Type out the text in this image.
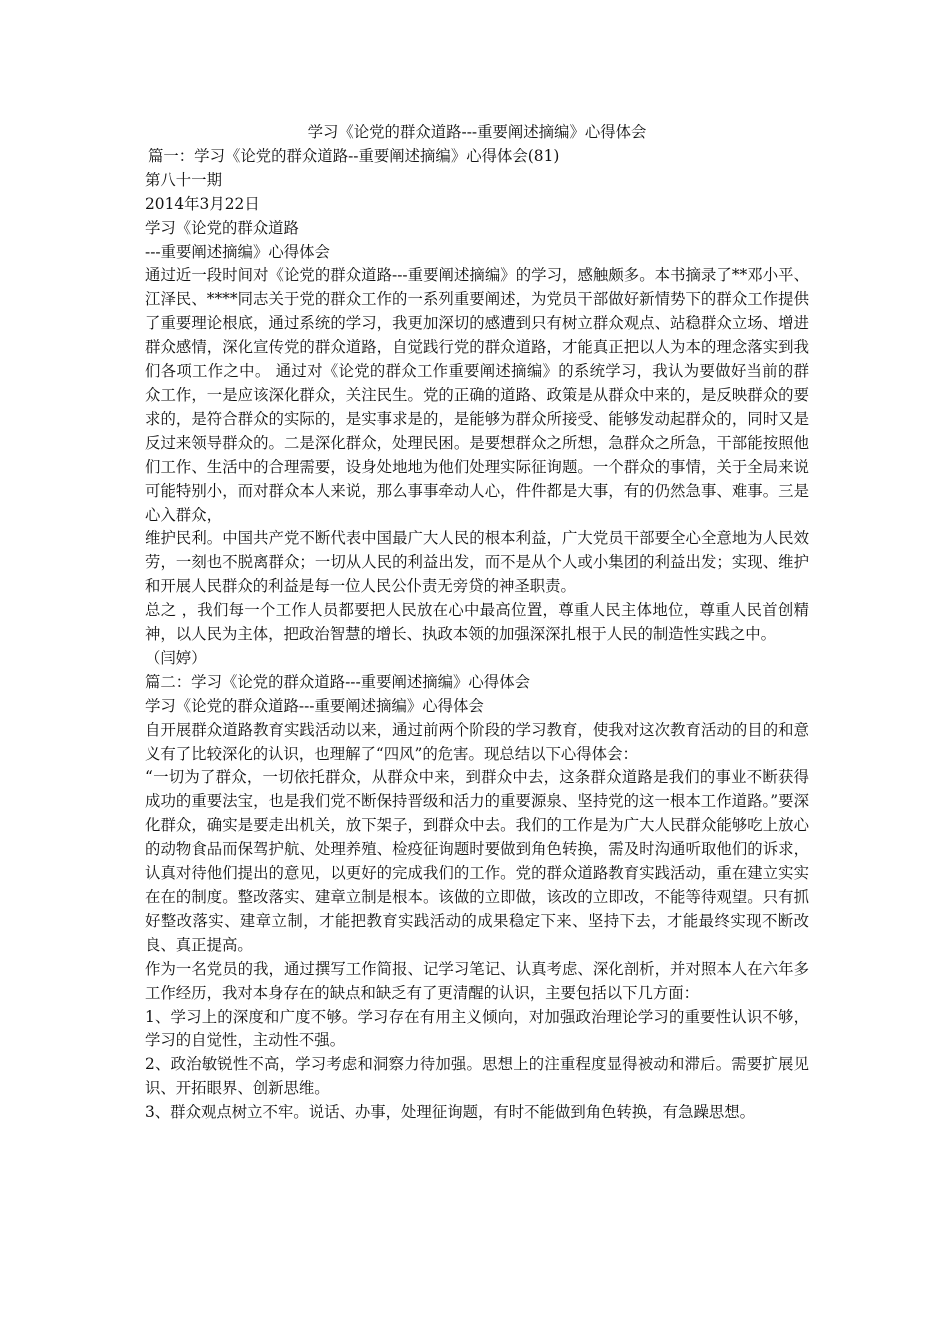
学习《论党的群众道路---重要阐述摘编》心得体会

篇一：学习《论党的群众道路--重要阐述摘编》心得体会(81)

第八十一期

2014年3月22日

学习《论党的群众道路

---重要阐述摘编》心得体会

通过近一段时间对《论党的群众道路---重要阐述摘编》的学习，感触颇多。本书摘录了**邓小平、江泽民、****同志关于党的群众工作的一系列重要阐述，为党员干部做好新情势下的群众工作提供了重要理论根底，通过系统的学习，我更加深切的感遭到只有树立群众观点、站稳群众立场、增进群众感情，深化宣传党的群众道路，自觉践行党的群众道路，才能真正把以人为本的理念落实到我们各项工作之中。 通过对《论党的群众工作重要阐述摘编》的系统学习，我认为要做好当前的群众工作，一是应该深化群众，关注民生。党的正确的道路、政策是从群众中来的，是反映群众的要求的，是符合群众的实际的，是实事求是的，是能够为群众所接受、能够发动起群众的，同时又是反过来领导群众的。二是深化群众，处理民困。是要想群众之所想，急群众之所急，干部能按照他们工作、生活中的合理需要，设身处地地为他们处理实际征询题。一个群众的事情，关于全局来说可能特别小，而对群众本人来说，那么事事牵动人心，件件都是大事，有的仍然急事、难事。三是心入群众，

维护民利。中国共产党不断代表中国最广大人民的根本利益，广大党员干部要全心全意地为人民效劳，一刻也不脱离群众；一切从人民的利益出发，而不是从个人或小集团的利益出发；实现、维护和开展人民群众的利益是每一位人民公仆责无旁贷的神圣职责。

总之 ，我们每一个工作人员都要把人民放在心中最高位置，尊重人民主体地位，尊重人民首创精神，以人民为主体，把政治智慧的增长、执政本领的加强深深扎根于人民的制造性实践之中。

（闫婷）

篇二：学习《论党的群众道路---重要阐述摘编》心得体会

学习《论党的群众道路---重要阐述摘编》心得体会

自开展群众道路教育实践活动以来，通过前两个阶段的学习教育，使我对这次教育活动的目的和意义有了比较深化的认识，也理解了“四风”的危害。现总结以下心得体会：

“一切为了群众，一切依托群众，从群众中来，到群众中去，这条群众道路是我们的事业不断获得成功的重要法宝，也是我们党不断保持晋级和活力的重要源泉、坚持党的这一根本工作道路。”要深化群众，确实是要走出机关，放下架子，到群众中去。我们的工作是为广大人民群众能够吃上放心的动物食品而保驾护航、处理养殖、检疫征询题时要做到角色转换，需及时沟通听取他们的诉求，认真对待他们提出的意见，以更好的完成我们的工作。党的群众道路教育实践活动，重在建立实实在在的制度。整改落实、建章立制是根本。该做的立即做，该改的立即改，不能等待观望。只有抓好整改落实、建章立制，才能把教育实践活动的成果稳定下来、坚持下去，才能最终实现不断改良、真正提高。

作为一名党员的我，通过撰写工作简报、记学习笔记、认真考虑、深化剖析，并对照本人在六年多工作经历，我对本身存在的缺点和缺乏有了更清醒的认识，主要包括以下几方面：

1、学习上的深度和广度不够。学习存在有用主义倾向，对加强政治理论学习的重要性认识不够，学习的自觉性，主动性不强。

2、政治敏锐性不高，学习考虑和洞察力待加强。思想上的注重程度显得被动和滞后。需要扩展见识、开拓眼界、创新思维。

3、群众观点树立不牢。说话、办事，处理征询题，有时不能做到角色转换，有急躁思想。
